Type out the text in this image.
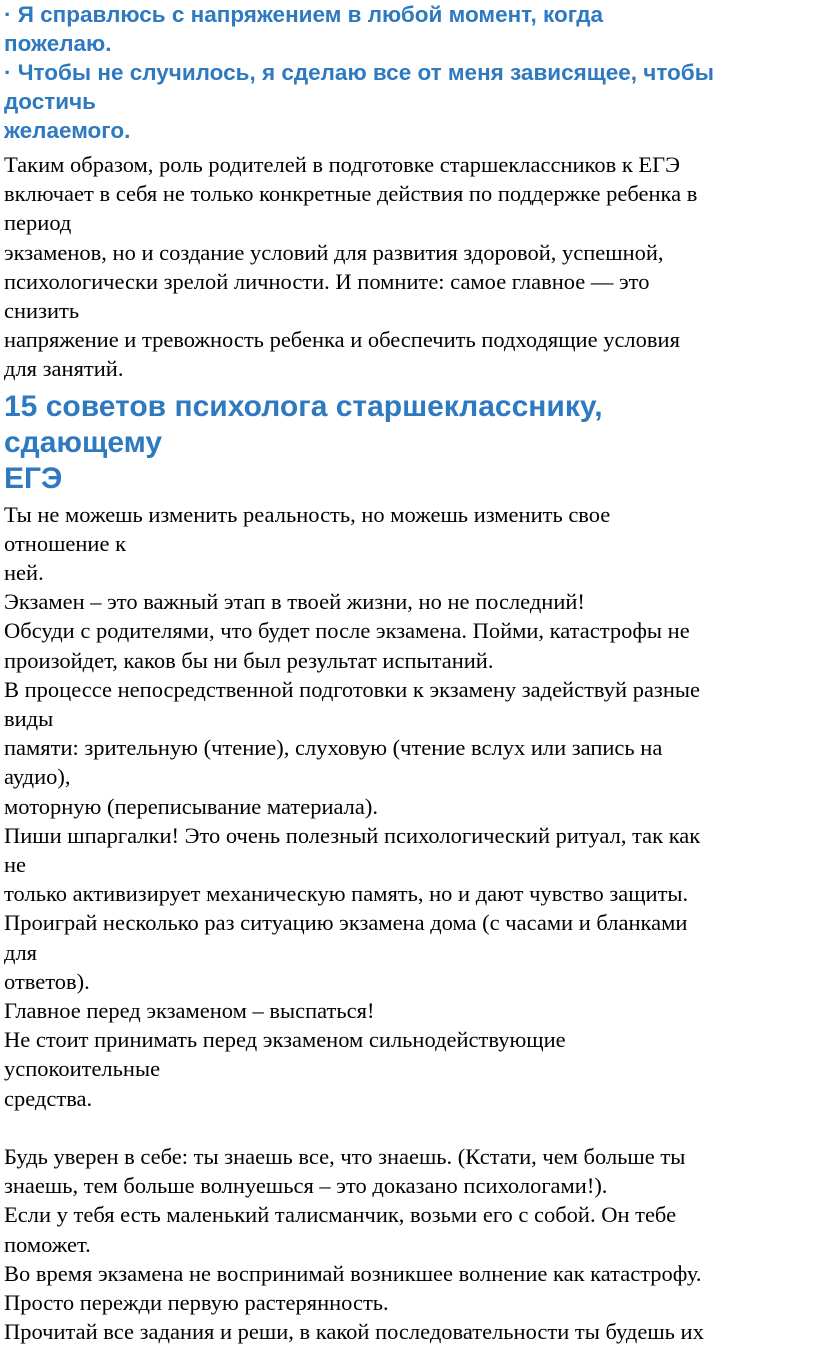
· Я справлюсь с напряжением в любой момент, когда
пожелаю.
· Чтобы не случилось, я сделаю все от меня зависящее, чтобы
достичь
желаемого.
Таким образом, роль родителей в подготовке старшеклассников к ЕГЭ
включает в себя не только конкретные действия по поддержке ребенка в
период
экзаменов, но и создание условий для развития здоровой, успешной,
психологически зрелой личности. И помните: самое главное — это
снизить
напряжение и тревожность ребенка и обеспечить подходящие условия
для занятий.
15 советов психолога старшекласснику,
сдающему
ЕГЭ
Ты не можешь изменить реальность, но можешь изменить свое
отношение к
ней.
Экзамен – это важный этап в твоей жизни, но не последний!
Обсуди с родителями, что будет после экзамена. Пойми, катастрофы не
произойдет, каков бы ни был результат испытаний.
В процессе непосредственной подготовки к экзамену задействуй разные
виды
памяти: зрительную (чтение), слуховую (чтение вслух или запись на
аудио),
моторную (переписывание материала).
Пиши шпаргалки! Это очень полезный психологический ритуал, так как
не
только активизирует механическую память, но и дают чувство защиты.
Проиграй несколько раз ситуацию экзамена дома (с часами и бланками
для
ответов).
Главное перед экзаменом – выспаться!
Не стоит принимать перед экзаменом сильнодействующие
успокоительные
средства.
Будь уверен в себе: ты знаешь все, что знаешь. (Кстати, чем больше ты
знаешь, тем больше волнуешься – это доказано психологами!).
Если у тебя есть маленький талисманчик, возьми его с собой. Он тебе
поможет.
Во время экзамена не воспринимай возникшее волнение как катастрофу.
Просто пережди первую растерянность.
Прочитай все задания и реши, в какой последовательности ты будешь их
